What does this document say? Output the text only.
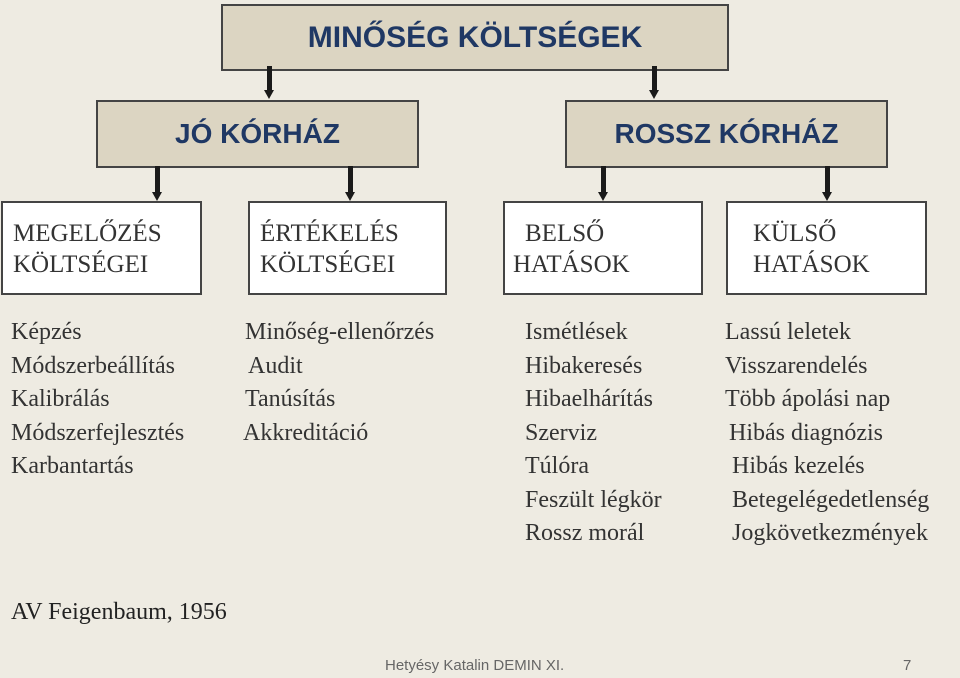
MINŐSÉG KÖLTSÉGEK
JÓ KÓRHÁZ	ROSSZ KÓRHÁZ
MEGELŐZÉS
KÖLTSÉGEI
ÉRTÉKELÉS
KÖLTSÉGEI
BELSŐ
HATÁSOK
KÜLSŐ
HATÁSOK
Képzés
Módszerbeállítás
Kalibrálás
Módszerfejlesztés
Karbantartás
Minőség-ellenőrzés
Audit
Tanúsítás
Akkreditáció
Ismétlések
Hibakeresés
Hibaelhárítás
Szerviz
Túlóra
Feszült légkör
Rossz morál
Lassú leletek
Visszarendelés
Több ápolási nap
Hibás diagnózis
Hibás kezelés
Betegelégedetlenség
Jogkövetkezmények
AV Feigenbaum, 1956
Hetyésy Katalin DEMIN XI.	7
